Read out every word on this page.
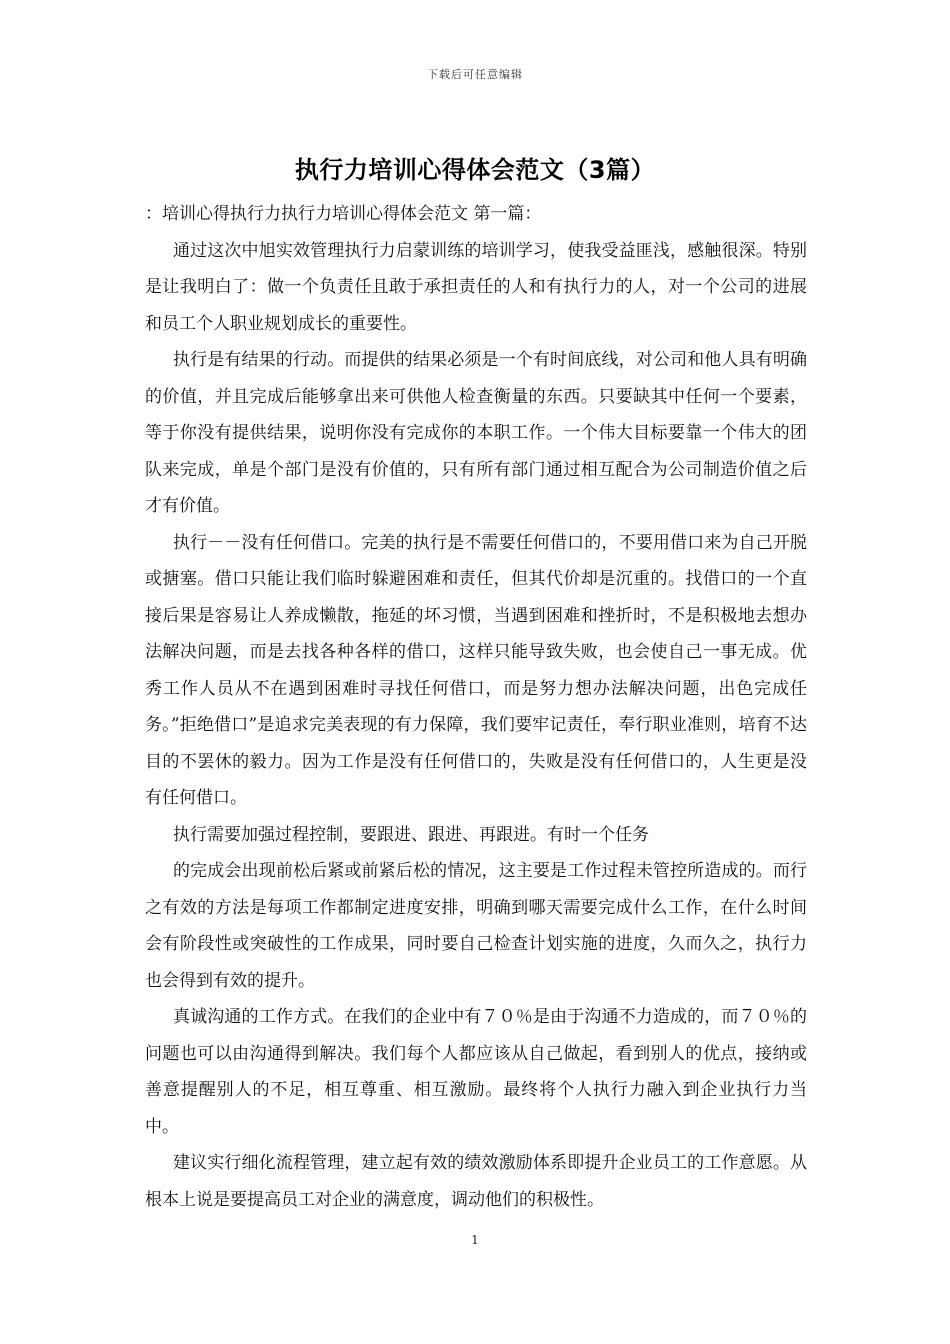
下载后可任意编辑
执行力培训心得体会范文（3篇）

：培训心得执行力执行力培训心得体会范文 第一篇：

通过这次中旭实效管理执行力启蒙训练的培训学习，使我受益匪浅，感触很深。特别是让我明白了：做一个负责任且敢于承担责任的人和有执行力的人，对一个公司的进展和员工个人职业规划成长的重要性。

执行是有结果的行动。而提供的结果必须是一个有时间底线，对公司和他人具有明确的价值，并且完成后能够拿出来可供他人检查衡量的东西。只要缺其中任何一个要素，等于你没有提供结果，说明你没有完成你的本职工作。一个伟大目标要靠一个伟大的团队来完成，单是个部门是没有价值的，只有所有部门通过相互配合为公司制造价值之后才有价值。

执行－－没有任何借口。完美的执行是不需要任何借口的，不要用借口来为自己开脱或搪塞。借口只能让我们临时躲避困难和责任，但其代价却是沉重的。找借口的一个直接后果是容易让人养成懒散，拖延的坏习惯，当遇到困难和挫折时，不是积极地去想办法解决问题，而是去找各种各样的借口，这样只能导致失败，也会使自己一事无成。优秀工作人员从不在遇到困难时寻找任何借口，而是努力想办法解决问题，出色完成任务。”拒绝借口”是追求完美表现的有力保障，我们要牢记责任，奉行职业准则，培育不达目的不罢休的毅力。因为工作是没有任何借口的，失败是没有任何借口的，人生更是没有任何借口。

执行需要加强过程控制，要跟进、跟进、再跟进。有时一个任务

的完成会出现前松后紧或前紧后松的情况，这主要是工作过程未管控所造成的。而行之有效的方法是每项工作都制定进度安排，明确到哪天需要完成什么工作，在什么时间会有阶段性或突破性的工作成果，同时要自己检查计划实施的进度，久而久之，执行力也会得到有效的提升。

真诚沟通的工作方式。在我们的企业中有７０％是由于沟通不力造成的，而７０％的问题也可以由沟通得到解决。我们每个人都应该从自己做起，看到别人的优点，接纳或善意提醒别人的不足，相互尊重、相互激励。最终将个人执行力融入到企业执行力当中。

建议实行细化流程管理，建立起有效的绩效激励体系即提升企业员工的工作意愿。从根本上说是要提高员工对企业的满意度，调动他们的积极性。

1
